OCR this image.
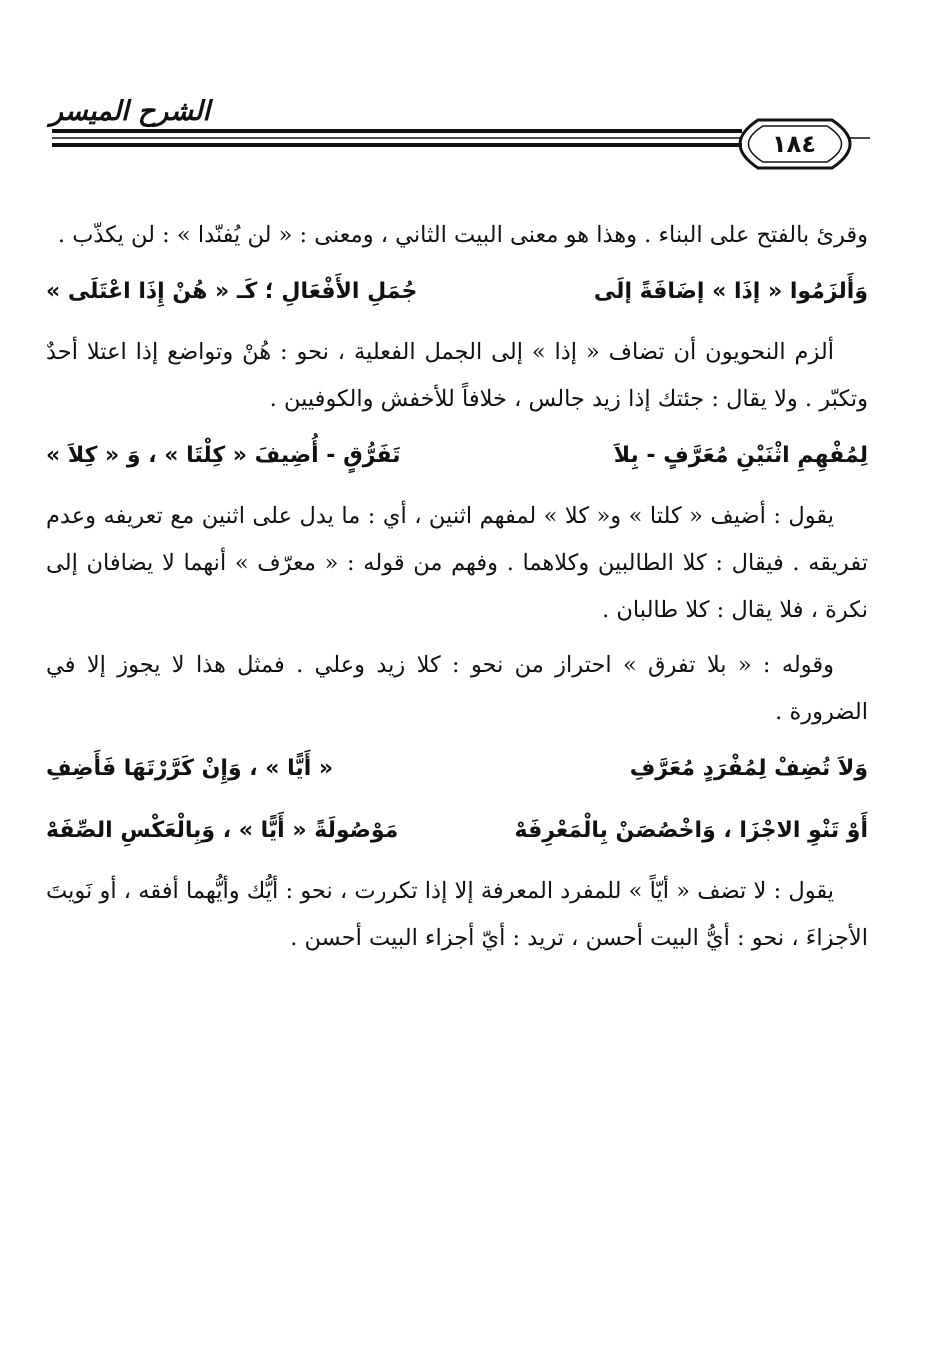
الشرح الميسر
١٨٤

وقرئ بالفتح على البناء . وهذا هو معنى البيت الثاني ، ومعنى : « لن يُفنّدا » : لن يكذّب .

وَأَلزَمُوا « إذَا » إضَافَةً إلَى
جُمَلِ الأَفْعَالِ ؛ كَـ « هُنْ إِذَا اعْتَلَى »

ألزم النحويون أن تضاف « إذا » إلى الجمل الفعلية ، نحو : هُنْ وتواضع إذا اعتلا أحدٌ وتكبّر . ولا يقال : جئتك إذا زيد جالس ، خلافاً للأخفش والكوفيين .

لِمُفْهِمِ اثْنَيْنِ مُعَرَّفٍ - بِلاَ
تَفَرُّقٍ - أُضِيفَ « كِلْتَا » ، وَ « كِلاَ »

يقول : أضيف « كلتا » و« كلا » لمفهم اثنين ، أي : ما يدل على اثنين مع تعريفه وعدم تفريقه . فيقال : كلا الطالبين وكلاهما . وفهم من قوله : « معرّف » أنهما لا يضافان إلى نكرة ، فلا يقال : كلا طالبان .

وقوله : « بلا تفرق » احتراز من نحو : كلا زيد وعلي . فمثل هذا لا يجوز إلا في الضرورة .

وَلاَ تُضِفْ لِمُفْرَدٍ مُعَرَّفِ
« أَيًّا » ، وَإِنْ كَرَّرْتَهَا فَأَضِفِ
أَوْ تَنْوِ الاجْزَا ، وَاخْصُصَنْ بِالْمَعْرِفَهْ
مَوْصُولَةً « أَيًّا » ، وَبِالْعَكْسِ الصِّفَهْ

يقول : لا تضف « أيّاً » للمفرد المعرفة إلا إذا تكررت ، نحو : أيُّك وأيُّهما أفقه ، أو نَويتَ الأجزاءَ ، نحو : أيُّ البيت أحسن ، تريد : أيّ أجزاء البيت أحسن .
